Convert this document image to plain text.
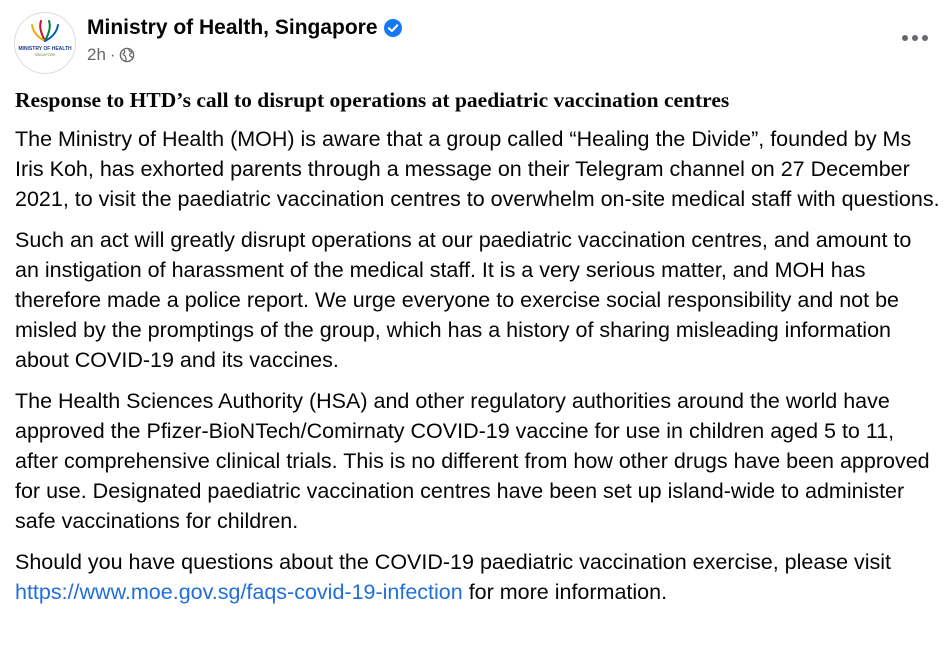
MINISTRY OF HEALTH
SINGAPORE
Ministry of Health, Singapore
2h ·
Response to HTD’s call to disrupt operations at paediatric vaccination centres

The Ministry of Health (MOH) is aware that a group called “Healing the Divide”, founded by Ms Iris Koh, has exhorted parents through a message on their Telegram channel on 27 December 2021, to visit the paediatric vaccination centres to overwhelm on-site medical staff with questions.

Such an act will greatly disrupt operations at our paediatric vaccination centres, and amount to an instigation of harassment of the medical staff. It is a very serious matter, and MOH has therefore made a police report. We urge everyone to exercise social responsibility and not be misled by the promptings of the group, which has a history of sharing misleading information about COVID-19 and its vaccines.

The Health Sciences Authority (HSA) and other regulatory authorities around the world have approved the Pfizer-BioNTech/Comirnaty COVID-19 vaccine for use in children aged 5 to 11, after comprehensive clinical trials. This is no different from how other drugs have been approved for use. Designated paediatric vaccination centres have been set up island-wide to administer safe vaccinations for children.

Should you have questions about the COVID-19 paediatric vaccination exercise, please visit https://www.moe.gov.sg/faqs-covid-19-infection for more information.
